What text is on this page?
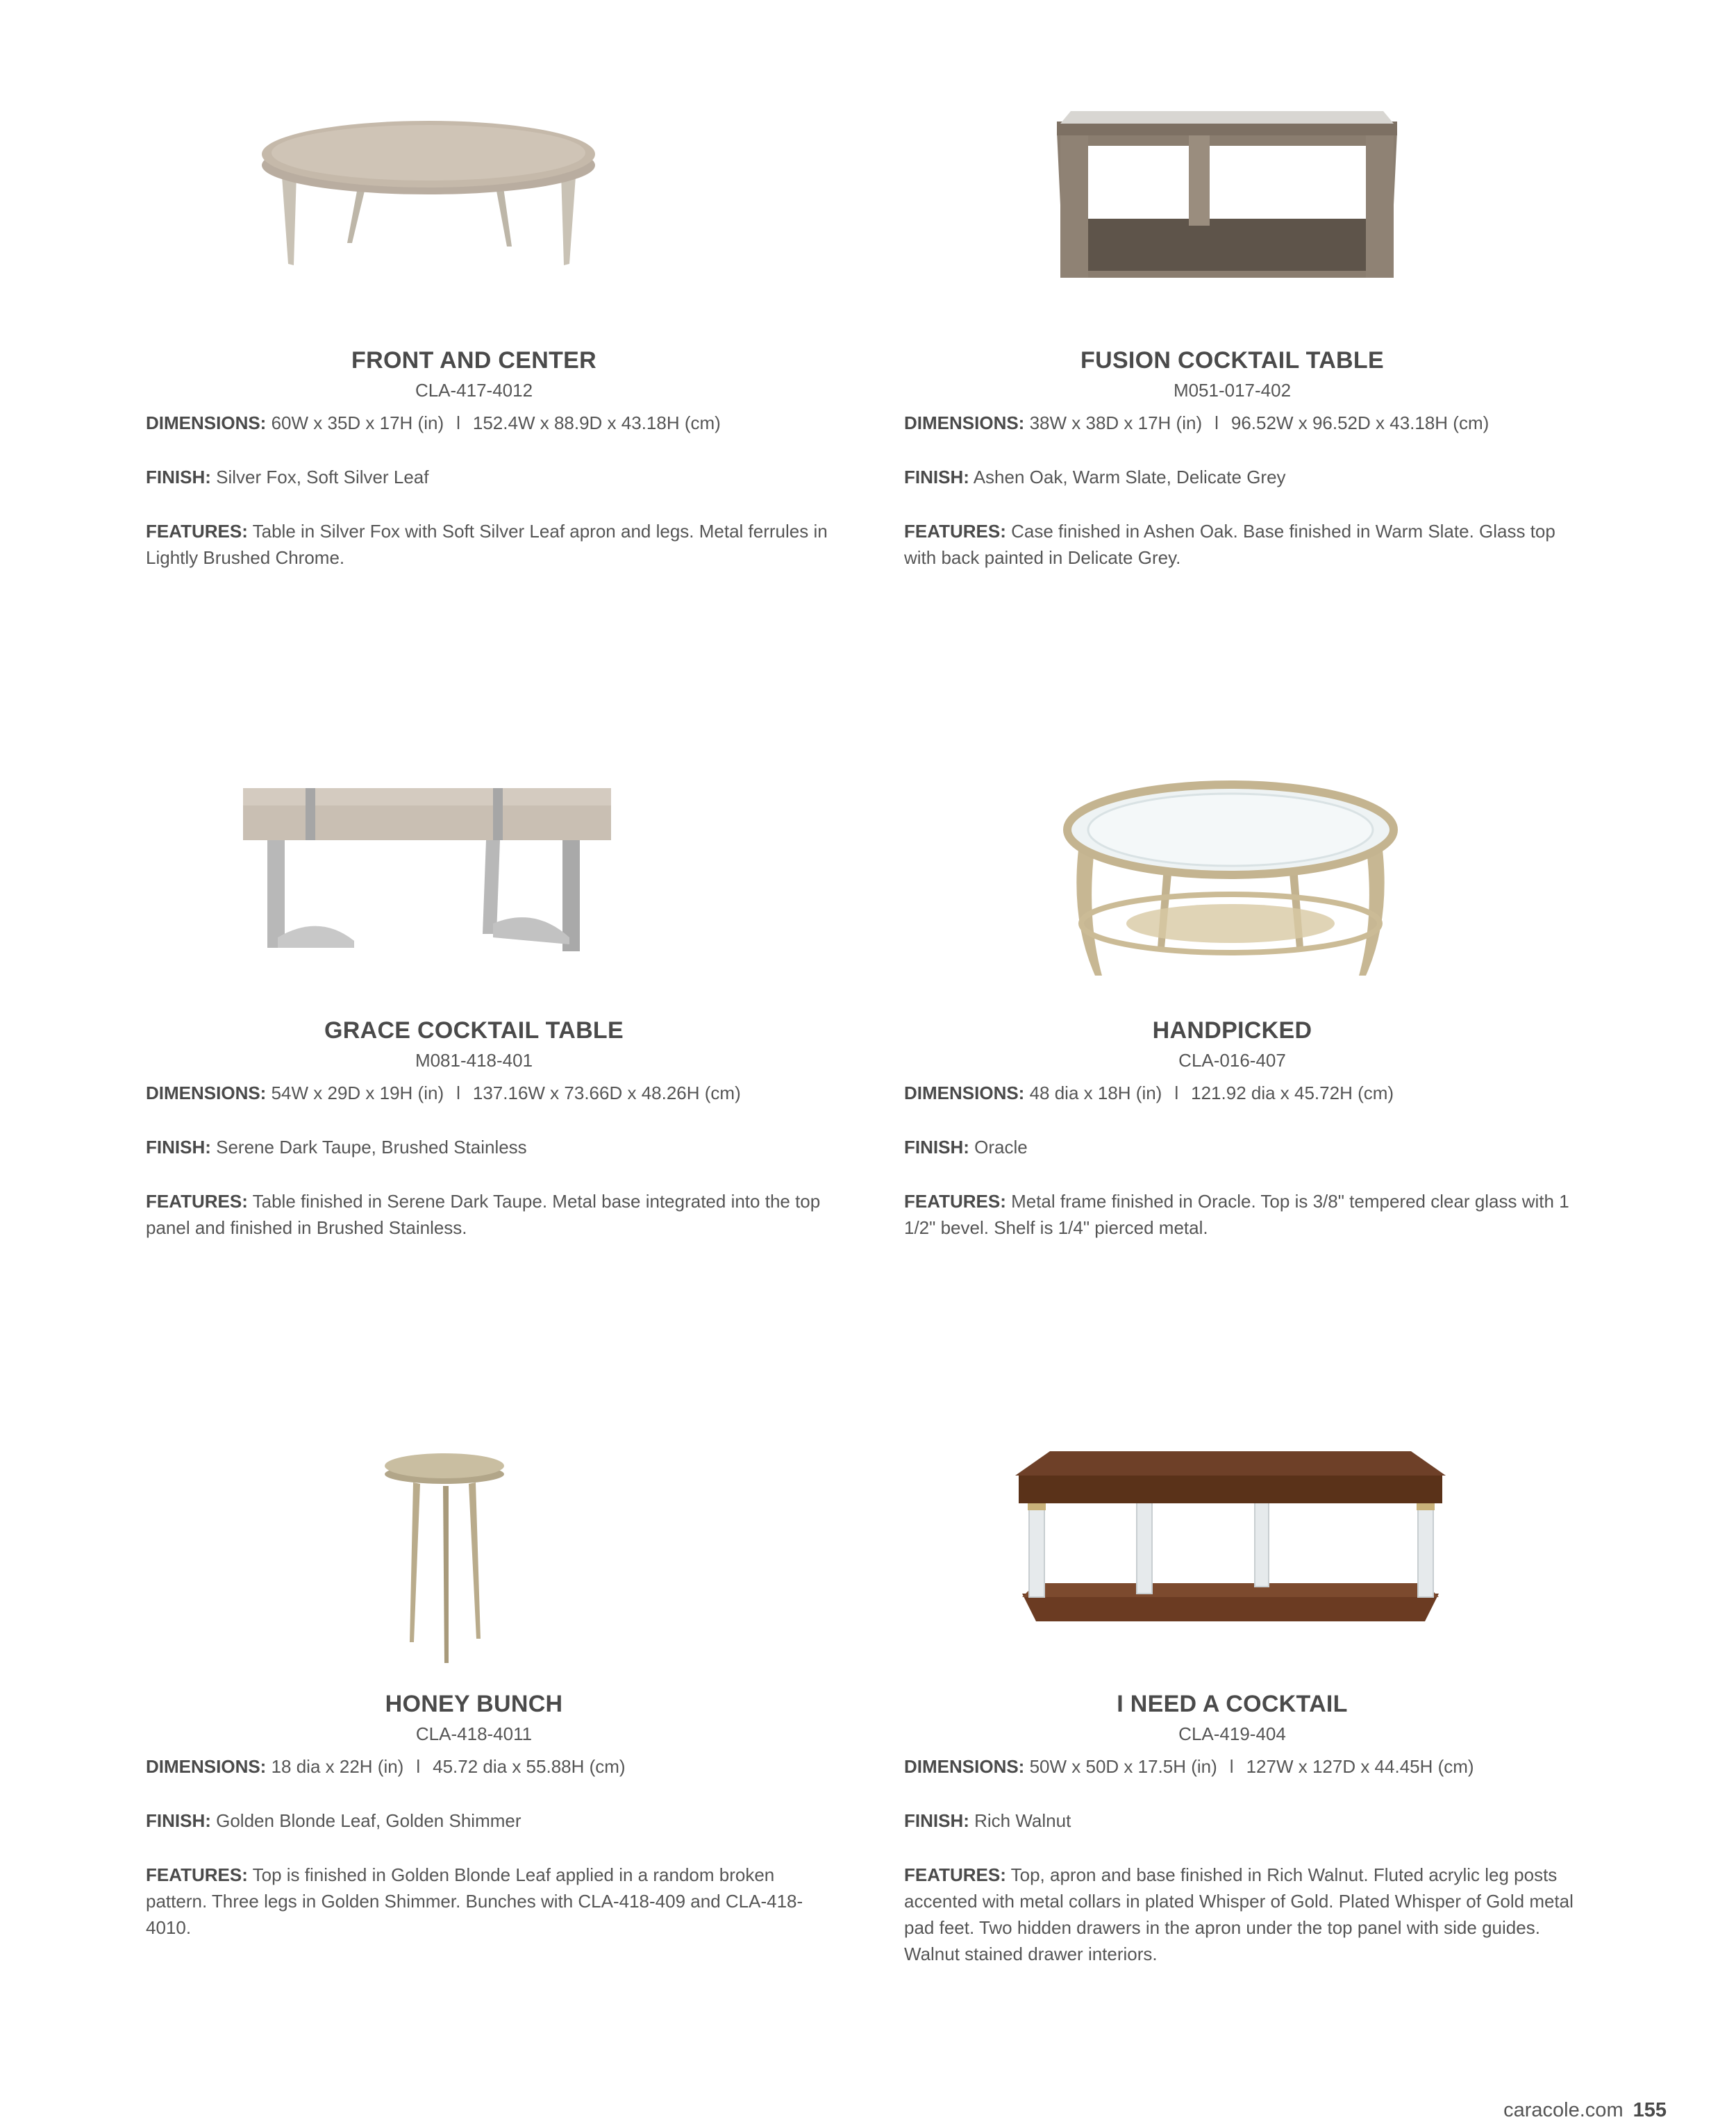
FRONT AND CENTER
CLA-417-4012
DIMENSIONS: 60W x 35D x 17H (in) l 152.4W x 88.9D x 43.18H (cm)
FINISH: Silver Fox, Soft Silver Leaf
FEATURES: Table in Silver Fox with Soft Silver Leaf apron and legs. Metal ferrules in Lightly Brushed Chrome.
FUSION COCKTAIL TABLE
M051-017-402
DIMENSIONS: 38W x 38D x 17H (in) l 96.52W x 96.52D x 43.18H (cm)
FINISH: Ashen Oak, Warm Slate, Delicate Grey
FEATURES: Case finished in Ashen Oak. Base finished in Warm Slate. Glass top with back painted in Delicate Grey.
GRACE COCKTAIL TABLE
M081-418-401
DIMENSIONS: 54W x 29D x 19H (in) l 137.16W x 73.66D x 48.26H (cm)
FINISH: Serene Dark Taupe, Brushed Stainless
FEATURES: Table finished in Serene Dark Taupe. Metal base integrated into the top panel and finished in Brushed Stainless.
HANDPICKED
CLA-016-407
DIMENSIONS: 48 dia x 18H (in) l 121.92 dia x 45.72H (cm)
FINISH: Oracle
FEATURES: Metal frame finished in Oracle. Top is 3/8" tempered clear glass with 1 1/2" bevel. Shelf is 1/4" pierced metal.
HONEY BUNCH
CLA-418-4011
DIMENSIONS: 18 dia x 22H (in) l 45.72 dia x 55.88H (cm)
FINISH: Golden Blonde Leaf, Golden Shimmer
FEATURES: Top is finished in Golden Blonde Leaf applied in a random broken pattern. Three legs in Golden Shimmer. Bunches with CLA-418-409 and CLA-418-4010.
I NEED A COCKTAIL
CLA-419-404
DIMENSIONS: 50W x 50D x 17.5H (in) l 127W x 127D x 44.45H (cm)
FINISH: Rich Walnut
FEATURES: Top, apron and base finished in Rich Walnut. Fluted acrylic leg posts accented with metal collars in plated Whisper of Gold. Plated Whisper of Gold metal pad feet. Two hidden drawers in the apron under the top panel with side guides. Walnut stained drawer interiors.
caracole.com 155
